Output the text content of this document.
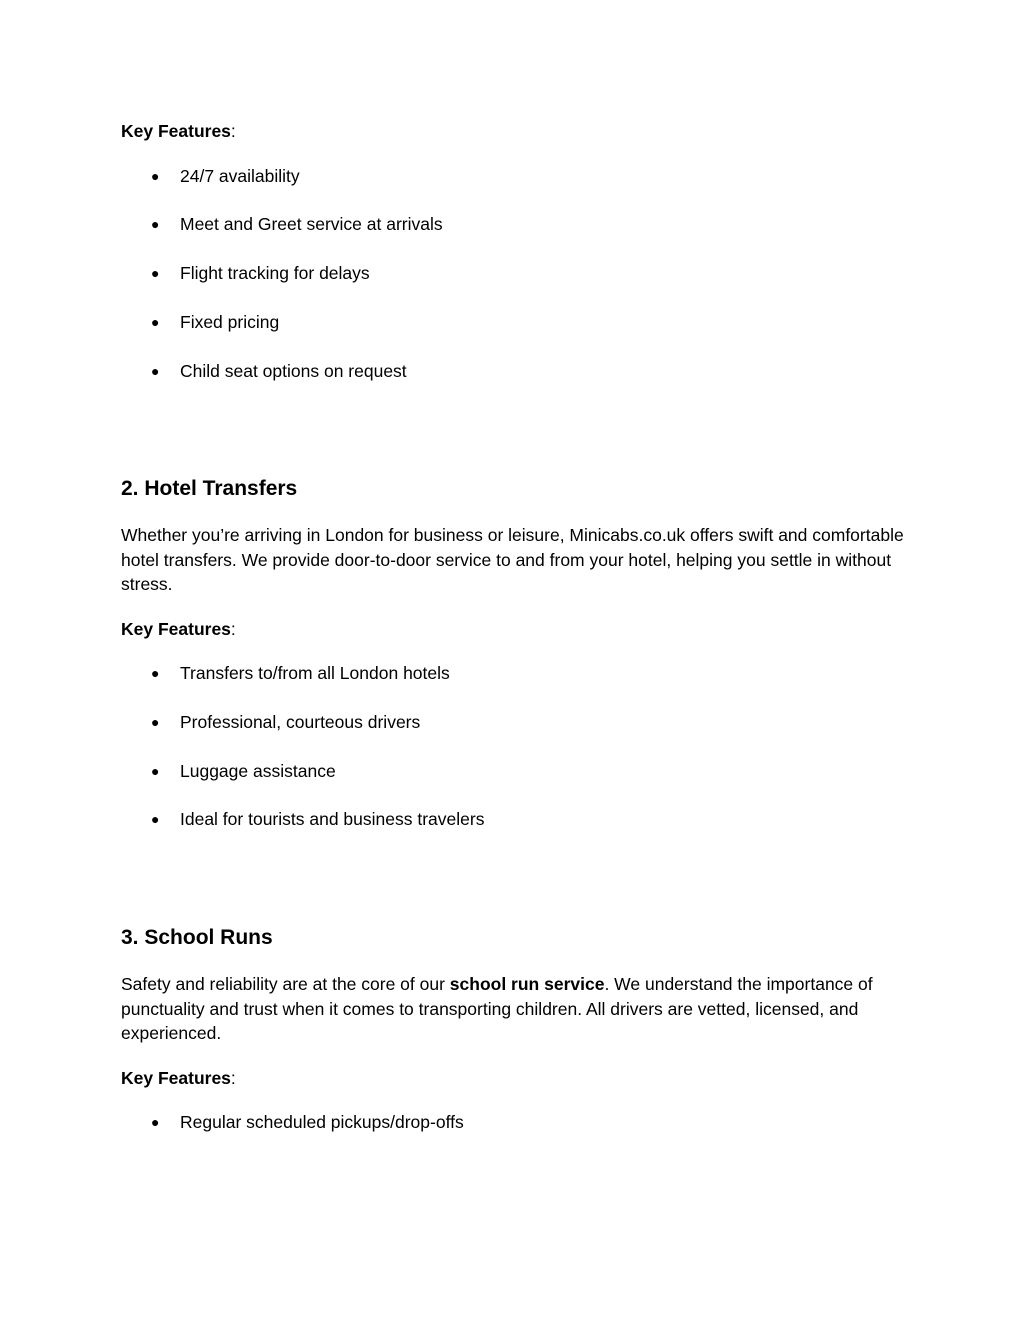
Key Features:

● 24/7 availability

● Meet and Greet service at arrivals

● Flight tracking for delays

● Fixed pricing

● Child seat options on request

2. Hotel Transfers

Whether you’re arriving in London for business or leisure, Minicabs.co.uk offers swift and comfortable hotel transfers. We provide door-to-door service to and from your hotel, helping you settle in without stress.

Key Features:

● Transfers to/from all London hotels

● Professional, courteous drivers

● Luggage assistance

● Ideal for tourists and business travelers

3. School Runs

Safety and reliability are at the core of our school run service. We understand the importance of punctuality and trust when it comes to transporting children. All drivers are vetted, licensed, and experienced.

Key Features:

● Regular scheduled pickups/drop-offs
